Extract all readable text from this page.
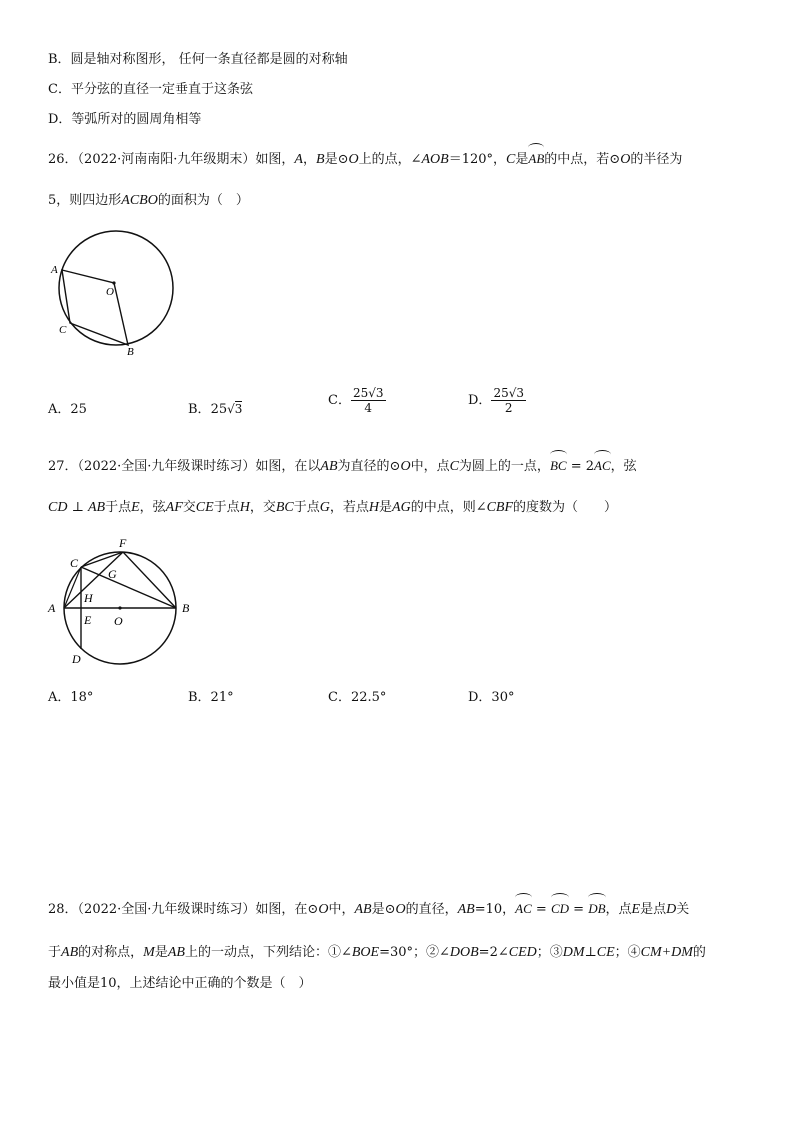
B．圆是轴对称图形， 任何一条直径都是圆的对称轴
C．平分弦的直径一定垂直于这条弦
D．等弧所对的圆周角相等
26．（2022·河南南阳·九年级期末）如图，A，B是⊙O上的点，∠AOB＝120°，C是AB的中点，若⊙O的半径为
5，则四边形ACBO的面积为（　）
A
O
C
B
A．25	B．25√3
C． $\frac{25√3}{4}$	D． $\frac{25√3}{2}$
27．（2022·全国·九年级课时练习）如图，在以AB为直径的⊙O中，点C为圆上的一点，BC = 2AC，弦
CD ⊥ AB于点E，弦AF交CE于点H，交BC于点G，若点H是AG的中点，则∠CBF的度数为（　　）
F
C
G
H
A	B
E O
D
A．18°	B．21°	C．22.5°	D．30°
28．（2022·全国·九年级课时练习）如图，在⊙O中，AB是⊙O的直径，AB=10，AC = CD = DB，点E是点D关
于AB的对称点，M是AB上的一动点，下列结论：①∠BOE=30°；②∠DOB=2∠CED；③DM⊥CE；④CM+DM的
最小值是10，上述结论中正确的个数是（　）
